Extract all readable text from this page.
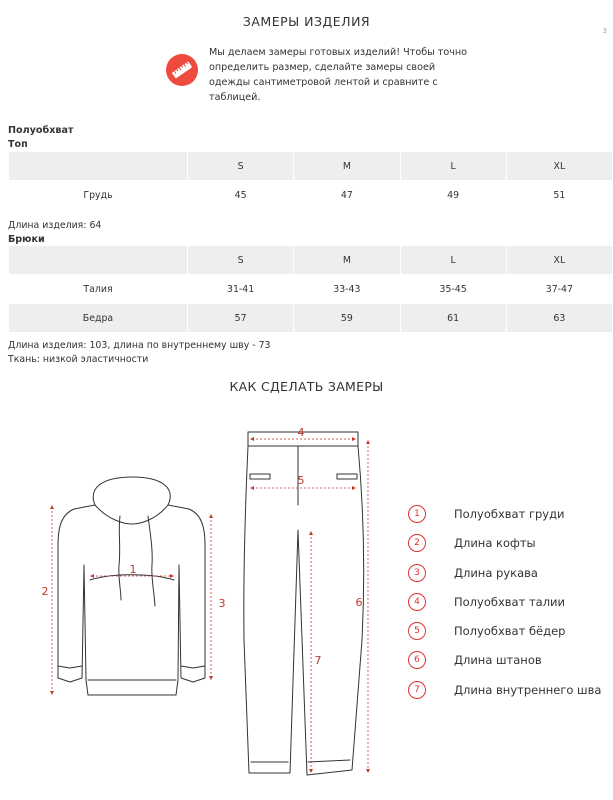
ЗАМЕРЫ ИЗДЕЛИЯ
3
Мы делаем замеры готовых изделий! Чтобы точно
определить размер, сделайте замеры своей
одежды сантиметровой лентой и сравните с
таблицей.
Полуобхват
Топ
	S	M	L	XL
Грудь	45	47	49	51
Длина изделия: 64
Брюки
	S	M	L	XL
Талия	31-41	33-43	35-45	37-47
Бедра	57	59	61	63
Длина изделия: 103, длина по внутреннему шву - 73
Ткань: низкой эластичности
КАК СДЕЛАТЬ ЗАМЕРЫ
1
2
3
4
5
6
7
1	Полуобхват груди
2	Длина кофты
3	Длина рукава
4	Полуобхват талии
5	Полуобхват бёдер
6	Длина штанов
7	Длина внутреннего шва
